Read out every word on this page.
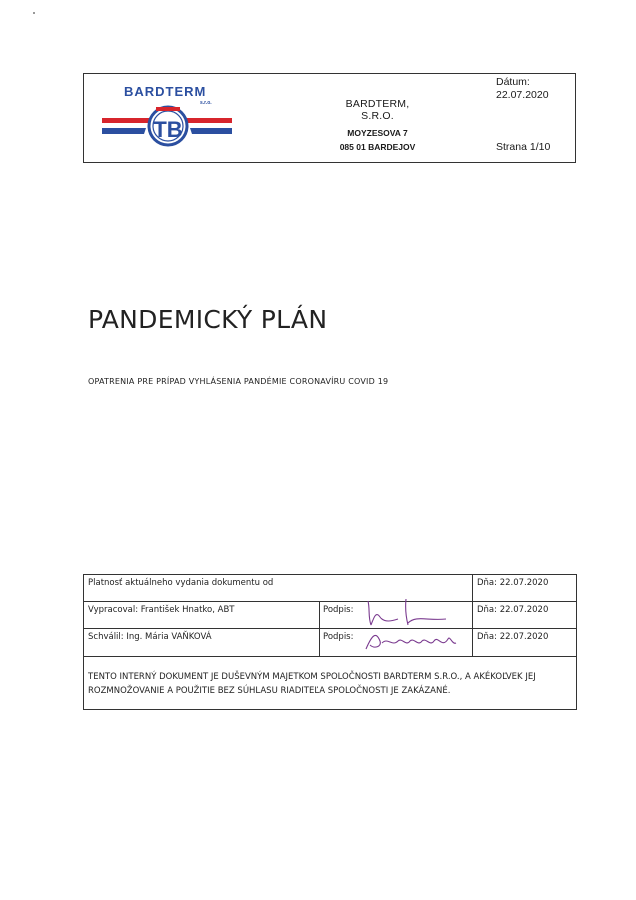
BARDTERM
s.r.o.
TB
BARDTERM, S.R.O.
MOYZESOVA 7
085 01 BARDEJOV
Dátum:
22.07.2020
Strana 1/10
PANDEMICKÝ PLÁN
OPATRENIA PRE PRÍPAD VYHLÁSENIA PANDÉMIE CORONAVÍRU COVID 19
Platnosť aktuálneho vydania dokumentu od	Dňa: 22.07.2020
Vypracoval: František Hnatko, ABT	Podpis:	Dňa: 22.07.2020
Schválil: Ing. Mária VAŇKOVÁ	Podpis:	Dňa: 22.07.2020
TENTO INTERNÝ DOKUMENT JE DUŠEVNÝM MAJETKOM SPOLOČNOSTI BARDTERM S.R.O., A AKÉKOĽVEK JEJ
ROZMNOŽOVANIE A POUŽITIE BEZ SÚHLASU RIADITEĽA SPOLOČNOSTI JE ZAKÁZANÉ.
